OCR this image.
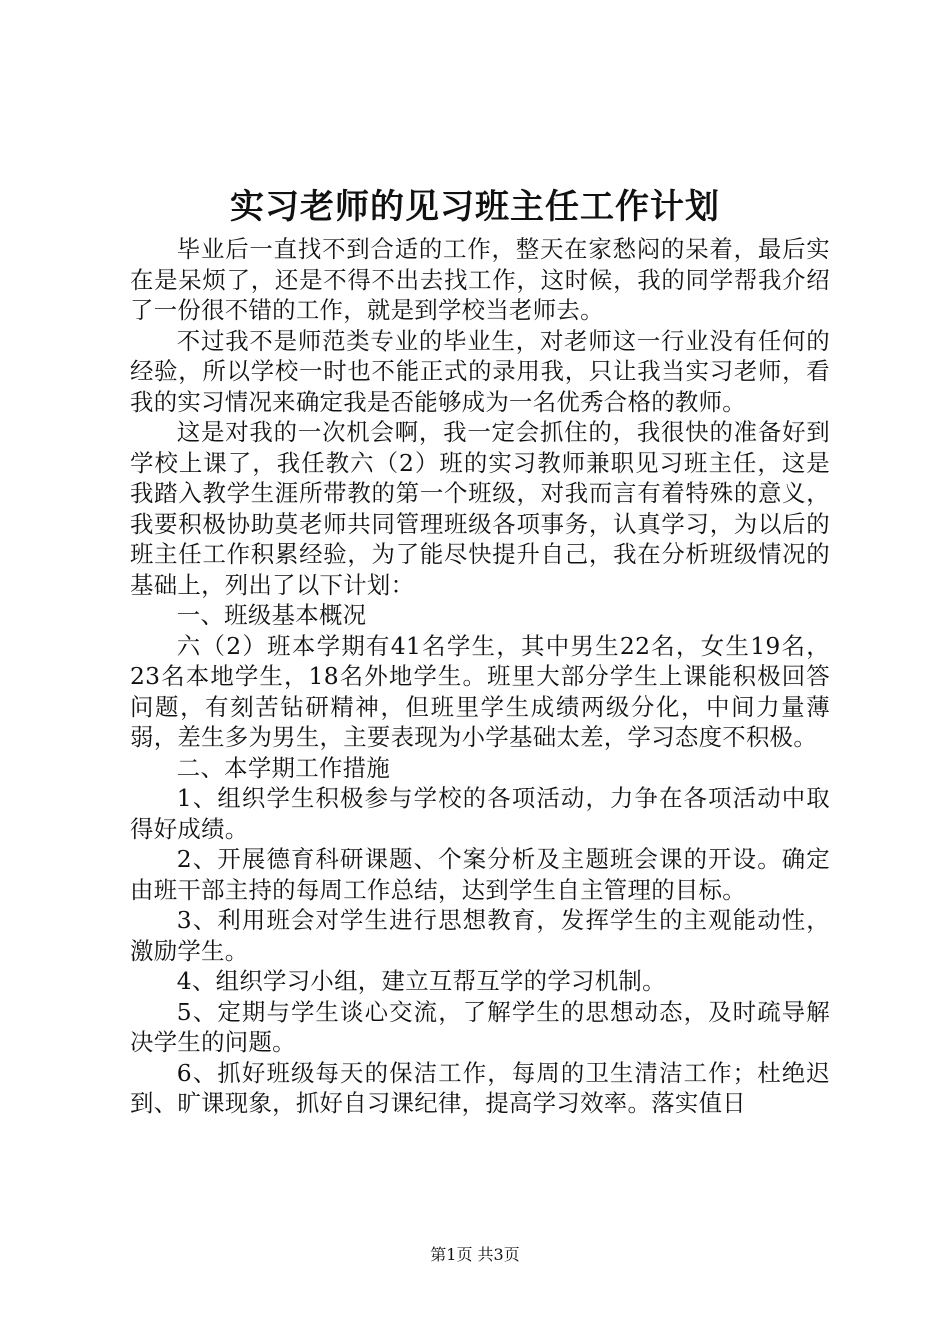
实习老师的见习班主任工作计划

毕业后一直找不到合适的工作，整天在家愁闷的呆着，最后实在是呆烦了，还是不得不出去找工作，这时候，我的同学帮我介绍了一份很不错的工作，就是到学校当老师去。

不过我不是师范类专业的毕业生，对老师这一行业没有任何的经验，所以学校一时也不能正式的录用我，只让我当实习老师，看我的实习情况来确定我是否能够成为一名优秀合格的教师。

这是对我的一次机会啊，我一定会抓住的，我很快的准备好到学校上课了，我任教六（2）班的实习教师兼职见习班主任，这是我踏入教学生涯所带教的第一个班级，对我而言有着特殊的意义，我要积极协助莫老师共同管理班级各项事务，认真学习，为以后的班主任工作积累经验，为了能尽快提升自己，我在分析班级情况的基础上，列出了以下计划：

一、班级基本概况

六（2）班本学期有41名学生，其中男生22名，女生19名，23名本地学生，18名外地学生。班里大部分学生上课能积极回答问题，有刻苦钻研精神，但班里学生成绩两级分化，中间力量薄弱，差生多为男生，主要表现为小学基础太差，学习态度不积极。

二、本学期工作措施

1、组织学生积极参与学校的各项活动，力争在各项活动中取得好成绩。

2、开展德育科研课题、个案分析及主题班会课的开设。确定由班干部主持的每周工作总结，达到学生自主管理的目标。

3、利用班会对学生进行思想教育，发挥学生的主观能动性，激励学生。

4、组织学习小组，建立互帮互学的学习机制。

5、定期与学生谈心交流，了解学生的思想动态，及时疏导解决学生的问题。

6、抓好班级每天的保洁工作，每周的卫生清洁工作；杜绝迟到、旷课现象，抓好自习课纪律，提高学习效率。落实值日

第1页 共3页
